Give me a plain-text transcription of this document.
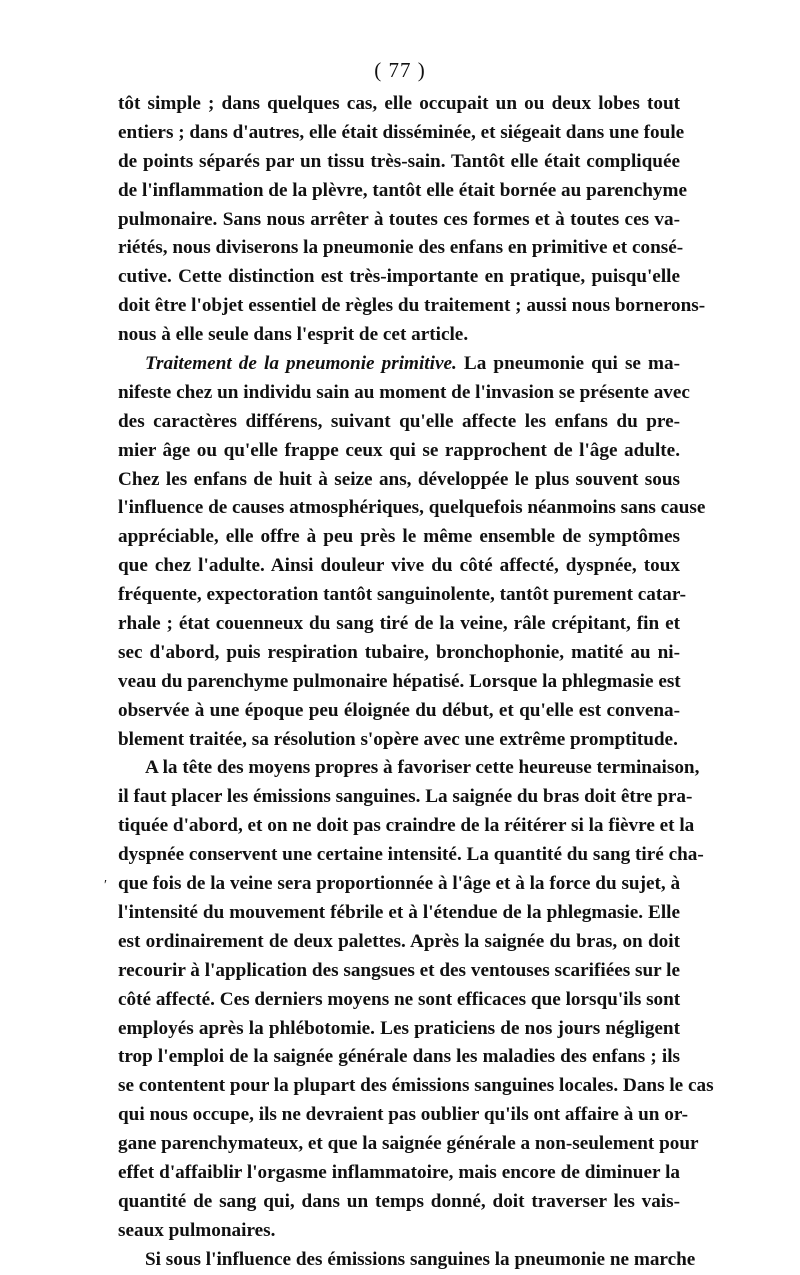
( 77 )
tôt simple ; dans quelques cas, elle occupait un ou deux lobes tout
entiers ; dans d'autres, elle était disséminée, et siégeait dans une foule
de points séparés par un tissu très-sain. Tantôt elle était compliquée
de l'inflammation de la plèvre, tantôt elle était bornée au parenchyme
pulmonaire. Sans nous arrêter à toutes ces formes et à toutes ces va-
riétés, nous diviserons la pneumonie des enfans en primitive et consé-
cutive. Cette distinction est très-importante en pratique, puisqu'elle
doit être l'objet essentiel de règles du traitement ; aussi nous bornerons-
nous à elle seule dans l'esprit de cet article.
Traitement de la pneumonie primitive. La pneumonie qui se ma-
nifeste chez un individu sain au moment de l'invasion se présente avec
des caractères différens, suivant qu'elle affecte les enfans du pre-
mier âge ou qu'elle frappe ceux qui se rapprochent de l'âge adulte.
Chez les enfans de huit à seize ans, développée le plus souvent sous
l'influence de causes atmosphériques, quelquefois néanmoins sans cause
appréciable, elle offre à peu près le même ensemble de symptômes
que chez l'adulte. Ainsi douleur vive du côté affecté, dyspnée, toux
fréquente, expectoration tantôt sanguinolente, tantôt purement catar-
rhale ; état couenneux du sang tiré de la veine, râle crépitant, fin et
sec d'abord, puis respiration tubaire, bronchophonie, matité au ni-
veau du parenchyme pulmonaire hépatisé. Lorsque la phlegmasie est
observée à une époque peu éloignée du début, et qu'elle est convena-
blement traitée, sa résolution s'opère avec une extrême promptitude.
A la tête des moyens propres à favoriser cette heureuse terminaison,
il faut placer les émissions sanguines. La saignée du bras doit être pra-
tiquée d'abord, et on ne doit pas craindre de la réitérer si la fièvre et la
dyspnée conservent une certaine intensité. La quantité du sang tiré cha-
que fois de la veine sera proportionnée à l'âge et à la force du sujet, à
l'intensité du mouvement fébrile et à l'étendue de la phlegmasie. Elle
est ordinairement de deux palettes. Après la saignée du bras, on doit
recourir à l'application des sangsues et des ventouses scarifiées sur le
côté affecté. Ces derniers moyens ne sont efficaces que lorsqu'ils sont
employés après la phlébotomie. Les praticiens de nos jours négligent
trop l'emploi de la saignée générale dans les maladies des enfans ; ils
se contentent pour la plupart des émissions sanguines locales. Dans le cas
qui nous occupe, ils ne devraient pas oublier qu'ils ont affaire à un or-
gane parenchymateux, et que la saignée générale a non-seulement pour
effet d'affaiblir l'orgasme inflammatoire, mais encore de diminuer la
quantité de sang qui, dans un temps donné, doit traverser les vais-
seaux pulmonaires.
Si sous l'influence des émissions sanguines la pneumonie ne marche
′
